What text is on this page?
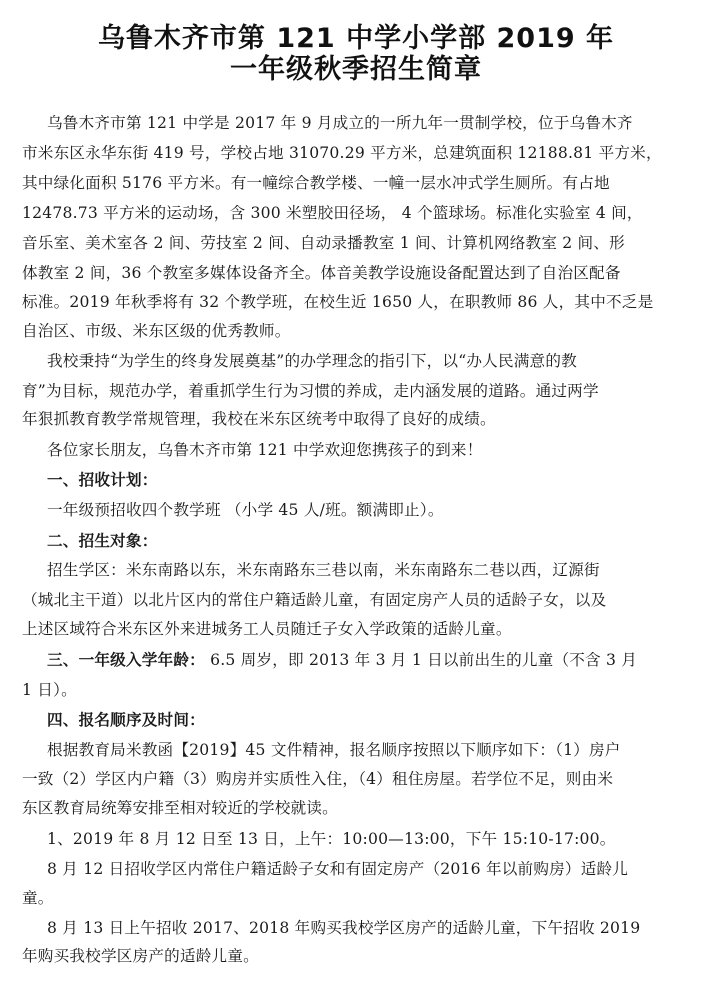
乌鲁木齐市第 121 中学小学部 2019 年
一年级秋季招生简章
乌鲁木齐市第 121 中学是 2017 年 9 月成立的一所九年一贯制学校，位于乌鲁木齐
市米东区永华东街 419 号，学校占地 31070.29 平方米，总建筑面积 12188.81 平方米，
其中绿化面积 5176 平方米。有一幢综合教学楼、一幢一层水冲式学生厕所。有占地
12478.73 平方米的运动场，含 300 米塑胶田径场， 4 个篮球场。标准化实验室 4 间，
音乐室、美术室各 2 间、劳技室 2 间、自动录播教室 1 间、计算机网络教室 2 间、形
体教室 2 间，36 个教室多媒体设备齐全。体音美教学设施设备配置达到了自治区配备
标准。2019 年秋季将有 32 个教学班，在校生近 1650 人，在职教师 86 人，其中不乏是
自治区、市级、米东区级的优秀教师。
我校秉持“为学生的终身发展奠基”的办学理念的指引下，以“办人民满意的教
育”为目标，规范办学，着重抓学生行为习惯的养成，走内涵发展的道路。通过两学
年狠抓教育教学常规管理，我校在米东区统考中取得了良好的成绩。
各位家长朋友，乌鲁木齐市第 121 中学欢迎您携孩子的到来！
一、招收计划：
一年级预招收四个教学班 （小学 45 人/班。额满即止）。
二、招生对象：
招生学区：米东南路以东，米东南路东三巷以南，米东南路东二巷以西，辽源街
（城北主干道）以北片区内的常住户籍适龄儿童，有固定房产人员的适龄子女，以及
上述区域符合米东区外来进城务工人员随迁子女入学政策的适龄儿童。
三、一年级入学年龄： 6.5 周岁，即 2013 年 3 月 1 日以前出生的儿童（不含 3 月
1 日）。
四、报名顺序及时间：
根据教育局米教函【2019】45 文件精神，报名顺序按照以下顺序如下：（1）房户
一致（2）学区内户籍（3）购房并实质性入住，（4）租住房屋。若学位不足，则由米
东区教育局统筹安排至相对较近的学校就读。
1、2019 年 8 月 12 日至 13 日，上午：10:00—13:00，下午 15:10-17:00。
8 月 12 日招收学区内常住户籍适龄子女和有固定房产（2016 年以前购房）适龄儿
童。
8 月 13 日上午招收 2017、2018 年购买我校学区房产的适龄儿童，下午招收 2019
年购买我校学区房产的适龄儿童。
